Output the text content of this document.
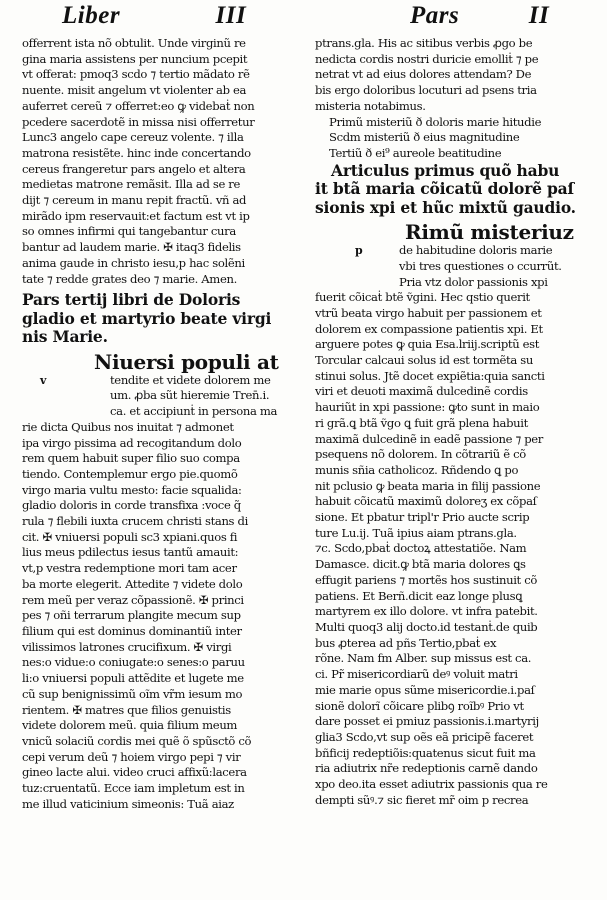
Liber	III	Pars	II
offerrent ista nõ obtulit. Unde virginũ re
gina maria assistens per nuncium pcepit
vt offerat: pmoq3 scdo ⁊ tertio mãdato rẽ
nuente. misit angelum vt violenter ab ea
auferret cereũ ⁊ offerret:eo ꝙ videbaṫ non
pcedere sacerdotẽ in missa nisi offerretur
Lunc3 angelo cape cereuz volente. ⁊ illa
matrona resistẽte. hinc inde concertando
cereus frangeretur pars angelo et altera
medietas matrone remãsit. Illa ad se re
dijt ⁊ cereum in manu repit fractũ. vñ ad
mirãdo ipm reservauit:et factum est vt ip
so omnes infirmi qui tangebantur cura
bantur ad laudem marie. ✠ itaq3 fidelis
anima gaude in christo iesu,p hac solẽni
tate ⁊ redde grates deo ⁊ marie. Amen.
Pars tertij libri de Doloris
gladio et martyrio beate virgi
nis Marie.
Niuersi populi at
v	tendite et videte dolorem me
um. ꝓba sũt hieremie Tren̄.i.
ca. et accipiunṫ in persona ma
rie dicta Quibus nos inuitat ⁊ admonet
ipa virgo pissima ad recogitandum dolo
rem quem habuit super filio suo compa
tiendo. Contemplemur ergo pie.quomõ
virgo maria vultu mesto: facie squalida:
gladio doloris in corde transfixa :voce q̃
rula ⁊ flebili iuxta crucem christi stans di
cit. ✠ vniuersi populi sc3 xpiani.quos fi
lius meus pdilectus iesus tantũ amauit:
vt,p vestra redemptione mori tam acer
ba morte elegerit. Attedite ⁊ videte dolo
rem meũ per veraz cõpassionẽ. ✠ princi
pes ⁊ oñi terrarum plangite mecum sup
filium qui est dominus dominantiũ inter
vilissimos latrones crucifixum. ✠ virgi
nes:o vidue:o coniugate:o senes:o paruu
li:o vniuersi populi attẽdite et lugete me
cũ sup benignissimũ oĩm vr̃m iesum mo
rientem. ✠ matres que filios genuistis
videte dolorem meũ. quia filium meum
vnicũ solaciũ cordis mei quẽ õ spũsctõ cõ
cepi verum deũ ⁊ hoiem virgo pepi ⁊ vir
gineo lacte alui. video cruci affixũ:lacera
tuz:cruentatũ. Ecce iam impletum est in
me illud vaticinium simeonis: Tuã aiaz
ptrans.gla. His ac sitibus verbis ꝓgo be
nedicta cordis nostri duricie emolliṫ ⁊ pe
netrat vt ad eius dolores attendam? De
bis ergo doloribus locuturi ad psens tria
misteria notabimus.
Primũ misteriũ ð doloris marie hitudie
Scdm misteriũ ð eius magnitudine
Tertiũ ð ei⁹ aureole beatitudine
Articulus primus quõ habu
it btã maria cõicatũ dolorẽ paſ
sionis xpi et hũc mixtũ gaudio.
Rimũ misteriuz
p	de habitudine doloris marie
vbi tres questiones o ccurrũt.
Pria vtz dolor passionis xpi
fuerit cõicaṫ btẽ ṽgini. Hec qstio querit
vtrũ beata virgo habuit per passionem et
dolorem ex compassione patientis xpi. Et
arguere potes ꝙ quia Esa.lriij.scriptũ est
Torcular calcaui solus id est tormẽta su
stinui solus. Jtẽ docet expiẽtia:quia sancti
viri et deuoti maximã dulcedinẽ cordis
hauriũt in xpi passione: ꝙto sunt in maio
ri grã.ꝗ btã ṽgo ꝗ fuit grã plena habuit
maximã dulcedinẽ in eadẽ passione ⁊ per
psequens nõ dolorem. In cõtrariũ ẽ cõ
munis sñia catholicoz. Rñdendo ꝗ po
nit pclusio ꝙ beata maria in filij passione
habuit cõicatũ maximũ doloreʒ ex cõpaſ
sione. Et pbatur tripl'r Prio aucte scrip
ture Lu.ij. Tuã ipius aiam ptrans.gla.
⁊c. Scdo,pbaṫ doctoꝝ attestatiõe. Nam
Damasce. dicit.ꝙ btã maria dolores ꝗs
effugit pariens ⁊ mortẽs hos sustinuit cõ
patiens. Et Berñ.dicit eaz longe plusꝗ
martyrem ex illo dolore. vt infra patebit.
Multi quoq3 alij docto.id testanṫ.de quib
bus ꝓterea ad pñs Tertio,pbaṫ ex
rõne. Nam fm Alber. sup missus est ca.
ci. Pr̃ misericordiarũ deꝰ voluit matri
mie marie opus sũme misericordie.i.paſ
sionẽ dolorĩ cõicare plibꝯ roĩbꝰ Prio vt
dare posset ei pmiuz passionis.i.martyrij
glia3 Scdo,vt sup oẽs eã pricipẽ faceret
bñficij redeptiõis:quatenus sicut fuit ma
ria adiutrix nr̃e redeptionis carnẽ dando
xpo deo.ita esset adiutrix passionis qua re
dempti sũꝰ.⁊ sic fieret mr̃ oim p recrea
